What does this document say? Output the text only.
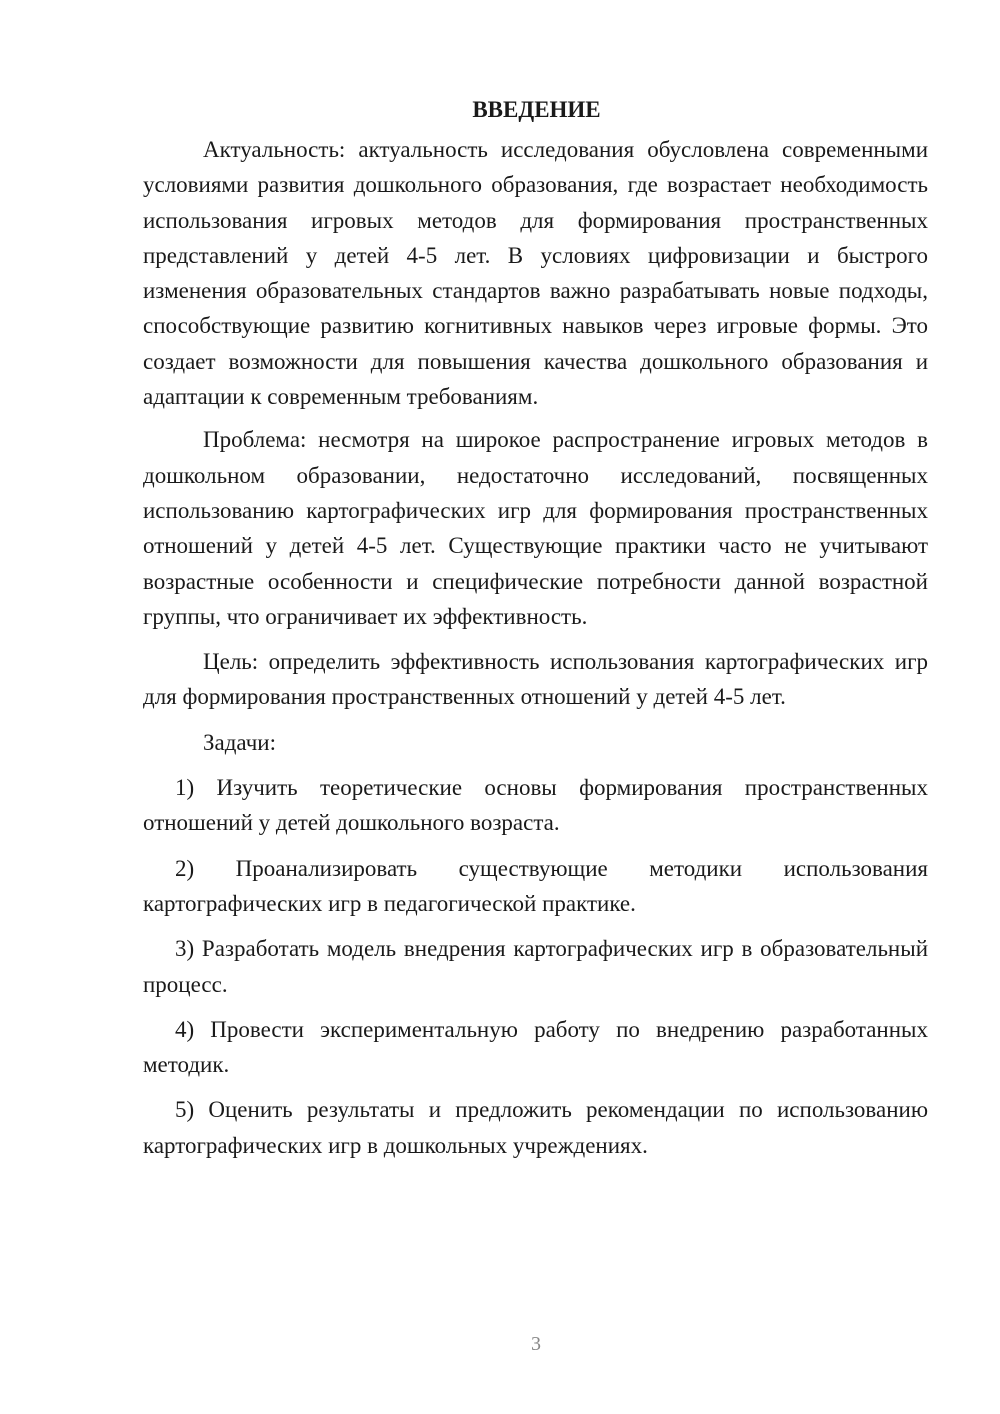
ВВЕДЕНИЕ

Актуальность: актуальность исследования обусловлена современными условиями развития дошкольного образования, где возрастает необходимость использования игровых методов для формирования пространственных представлений у детей 4-5 лет. В условиях цифровизации и быстрого изменения образовательных стандартов важно разрабатывать новые подходы, способствующие развитию когнитивных навыков через игровые формы. Это создает возможности для повышения качества дошкольного образования и адаптации к современным требованиям.

Проблема: несмотря на широкое распространение игровых методов в дошкольном образовании, недостаточно исследований, посвященных использованию картографических игр для формирования пространственных отношений у детей 4-5 лет. Существующие практики часто не учитывают возрастные особенности и специфические потребности данной возрастной группы, что ограничивает их эффективность.

Цель: определить эффективность использования картографических игр для формирования пространственных отношений у детей 4-5 лет.

Задачи:

1) Изучить теоретические основы формирования пространственных отношений у детей дошкольного возраста.

2) Проанализировать существующие методики использования картографических игр в педагогической практике.

3) Разработать модель внедрения картографических игр в образовательный процесс.

4) Провести экспериментальную работу по внедрению разработанных методик.

5) Оценить результаты и предложить рекомендации по использованию картографических игр в дошкольных учреждениях.

3
